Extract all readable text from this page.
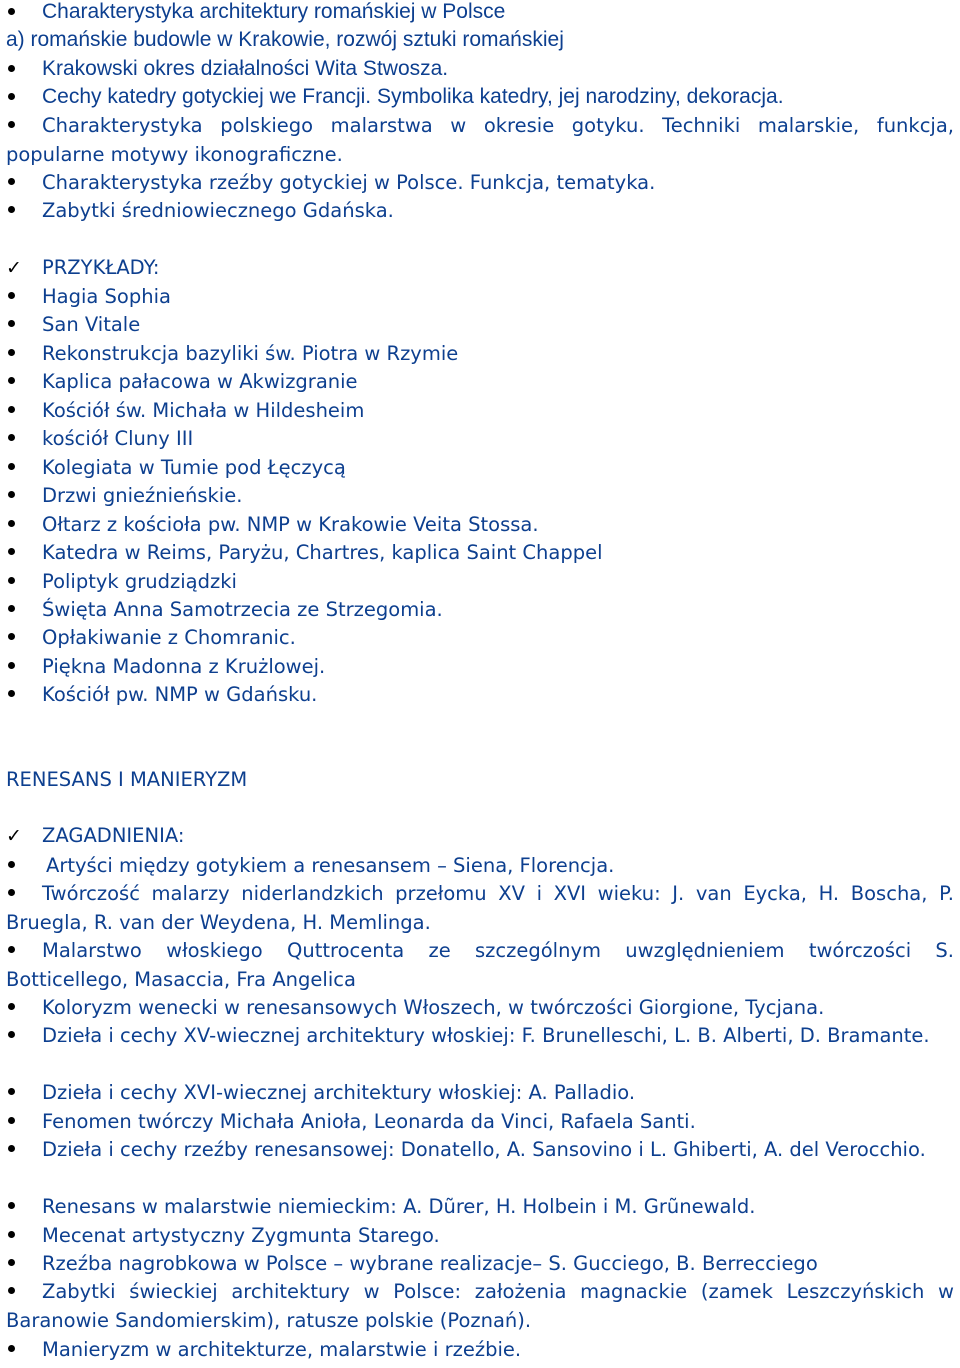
Charakterystyka architektury romańskiej w Polsce
a) romańskie budowle w Krakowie, rozwój sztuki romańskiej
Krakowski okres działalności Wita Stwosza.
Cechy katedry gotyckiej we Francji. Symbolika katedry, jej narodziny, dekoracja.
Charakterystyka polskiego malarstwa w okresie gotyku. Techniki malarskie, funkcja, popularne motywy ikonograficzne.
Charakterystyka rzeźby gotyckiej w Polsce. Funkcja, tematyka.
Zabytki średniowiecznego Gdańska.
✓	PRZYKŁADY:
Hagia Sophia
San Vitale
Rekonstrukcja bazyliki św. Piotra w Rzymie
Kaplica pałacowa w Akwizgranie
Kościół św. Michała w Hildesheim
kościół Cluny III
Kolegiata w Tumie pod Łęczycą
Drzwi gnieźnieńskie.
Ołtarz z kościoła pw. NMP w Krakowie Veita Stossa.
Katedra w Reims, Paryżu, Chartres, kaplica Saint Chappel
Poliptyk grudziądzki
Święta Anna Samotrzecia ze Strzegomia.
Opłakiwanie z Chomranic.
Piękna Madonna z Krużlowej.
Kościół pw. NMP w Gdańsku.
RENESANS I MANIERYZM
✓	ZAGADNIENIA:
Artyści między gotykiem a renesansem – Siena, Florencja.
Twórczość malarzy niderlandzkich przełomu XV i XVI wieku: J. van Eycka, H. Boscha, P. Bruegla, R. van der Weydena, H. Memlinga.
Malarstwo włoskiego Quttrocenta ze szczególnym uwzględnieniem twórczości S. Botticellego, Masaccia, Fra Angelica
Koloryzm wenecki w renesansowych Włoszech, w twórczości Giorgione, Tycjana.
Dzieła i cechy XV-wiecznej architektury włoskiej: F. Brunelleschi, L. B. Alberti, D. Bramante.
Dzieła i cechy XVI-wiecznej architektury włoskiej: A. Palladio.
Fenomen twórczy Michała Anioła, Leonarda da Vinci, Rafaela Santi.
Dzieła i cechy rzeźby renesansowej: Donatello, A. Sansovino i L. Ghiberti, A. del Verocchio.
Renesans w malarstwie niemieckim: A. Dũrer, H. Holbein i M. Grũnewald.
Mecenat artystyczny Zygmunta Starego.
Rzeźba nagrobkowa w Polsce – wybrane realizacje– S. Gucciego, B. Berrecciego
Zabytki świeckiej architektury w Polsce: założenia magnackie (zamek Leszczyńskich w Baranowie Sandomierskim), ratusze polskie (Poznań).
Manieryzm w architekturze, malarstwie i rzeźbie.
